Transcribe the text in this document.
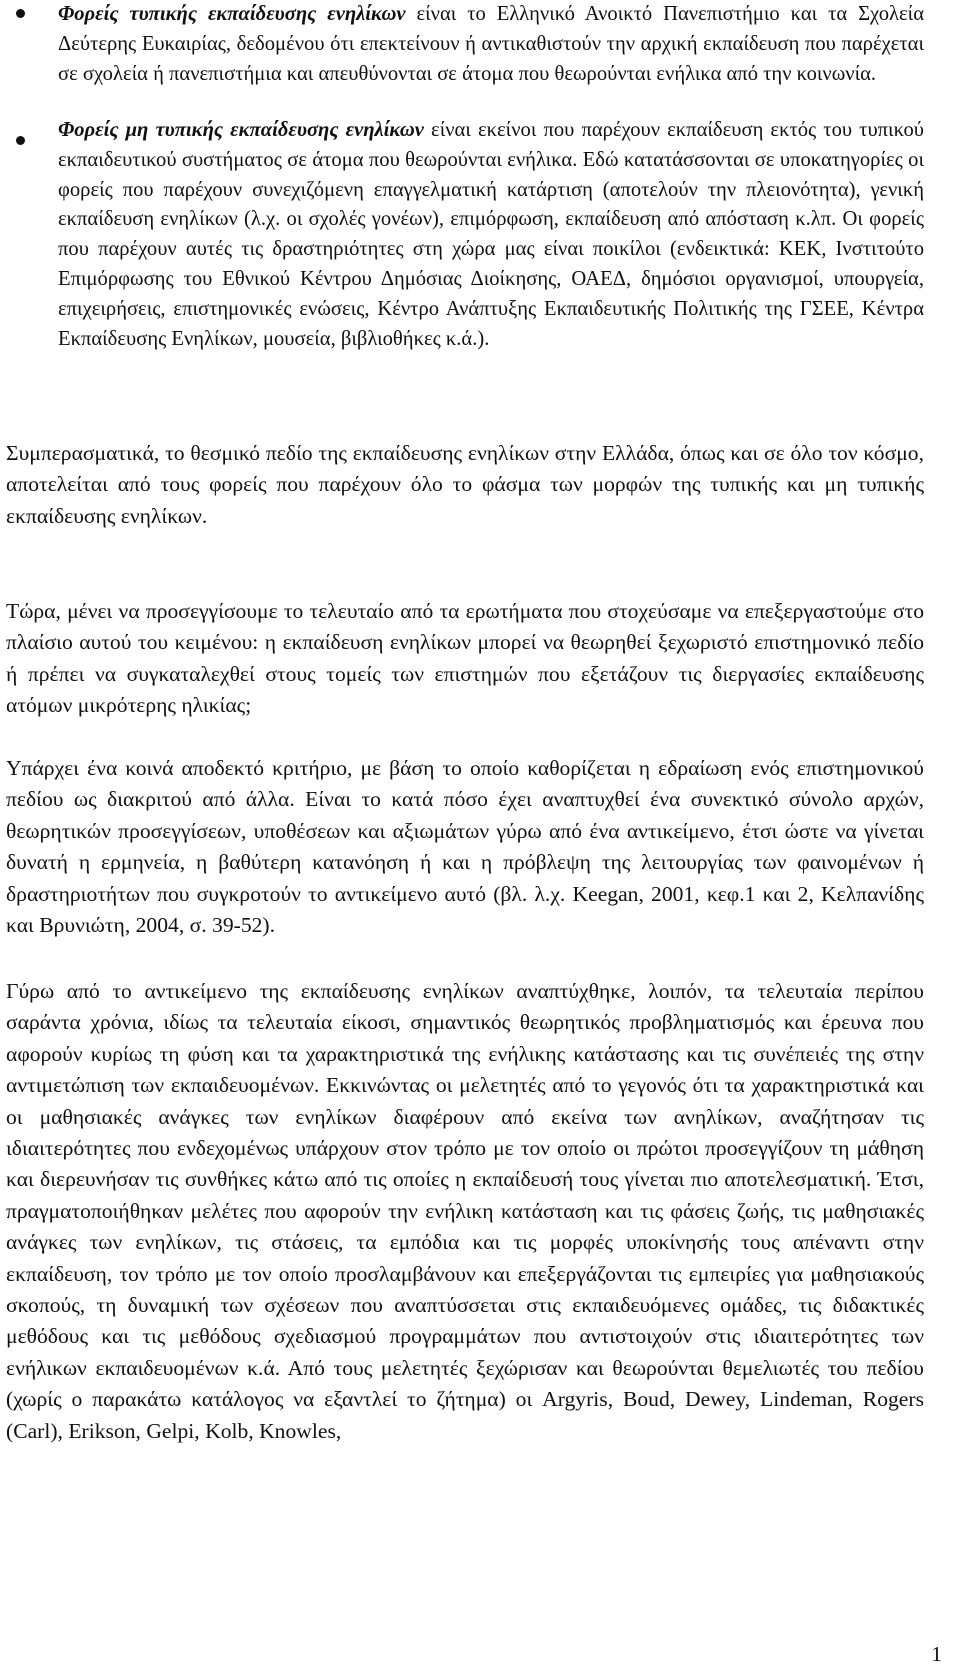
Φορείς τυπικής εκπαίδευσης ενηλίκων είναι το Ελληνικό Ανοικτό Πανεπιστήμιο και τα Σχολεία Δεύτερης Ευκαιρίας, δεδομένου ότι επεκτείνουν ή αντικαθιστούν την αρχική εκπαίδευση που παρέχεται σε σχολεία ή πανεπιστήμια και απευθύνονται σε άτομα που θεωρούνται ενήλικα από την κοινωνία.
Φορείς μη τυπικής εκπαίδευσης ενηλίκων είναι εκείνοι που παρέχουν εκπαίδευση εκτός του τυπικού εκπαιδευτικού συστήματος σε άτομα που θεωρούνται ενήλικα. Εδώ κατατάσσονται σε υποκατηγορίες οι φορείς που παρέχουν συνεχιζόμενη επαγγελματική κατάρτιση (αποτελούν την πλειονότητα), γενική εκπαίδευση ενηλίκων (λ.χ. οι σχολές γονέων), επιμόρφωση, εκπαίδευση από απόσταση κ.λπ. Οι φορείς που παρέχουν αυτές τις δραστηριότητες στη χώρα μας είναι ποικίλοι (ενδεικτικά: ΚΕΚ, Ινστιτούτο Επιμόρφωσης του Εθνικού Κέντρου Δημόσιας Διοίκησης, ΟΑΕΔ, δημόσιοι οργανισμοί, υπουργεία, επιχειρήσεις, επιστημονικές ενώσεις, Κέντρο Ανάπτυξης Εκπαιδευτικής Πολιτικής της ΓΣΕΕ, Κέντρα Εκπαίδευσης Ενηλίκων, μουσεία, βιβλιοθήκες κ.ά.).

Συμπερασματικά, το θεσμικό πεδίο της εκπαίδευσης ενηλίκων στην Ελλάδα, όπως και σε όλο τον κόσμο, αποτελείται από τους φορείς που παρέχουν όλο το φάσμα των μορφών της τυπικής και μη τυπικής εκπαίδευσης ενηλίκων.

Τώρα, μένει να προσεγγίσουμε το τελευταίο από τα ερωτήματα που στοχεύσαμε να επεξεργαστούμε στο πλαίσιο αυτού του κειμένου: η εκπαίδευση ενηλίκων μπορεί να θεωρηθεί ξεχωριστό επιστημονικό πεδίο ή πρέπει να συγκαταλεχθεί στους τομείς των επιστημών που εξετάζουν τις διεργασίες εκπαίδευσης ατόμων μικρότερης ηλικίας;

Υπάρχει ένα κοινά αποδεκτό κριτήριο, με βάση το οποίο καθορίζεται η εδραίωση ενός επιστημονικού πεδίου ως διακριτού από άλλα. Είναι το κατά πόσο έχει αναπτυχθεί ένα συνεκτικό σύνολο αρχών, θεωρητικών προσεγγίσεων, υποθέσεων και αξιωμάτων γύρω από ένα αντικείμενο, έτσι ώστε να γίνεται δυνατή η ερμηνεία, η βαθύτερη κατανόηση ή και η πρόβλεψη της λειτουργίας των φαινομένων ή δραστηριοτήτων που συγκροτούν το αντικείμενο αυτό (βλ. λ.χ. Keegan, 2001, κεφ.1 και 2, Κελπανίδης και Βρυνιώτη, 2004, σ. 39-52).

Γύρω από το αντικείμενο της εκπαίδευσης ενηλίκων αναπτύχθηκε, λοιπόν, τα τελευταία περίπου σαράντα χρόνια, ιδίως τα τελευταία είκοσι, σημαντικός θεωρητικός προβληματισμός και έρευνα που αφορούν κυρίως τη φύση και τα χαρακτηριστικά της ενήλικης κατάστασης και τις συνέπειές της στην αντιμετώπιση των εκπαιδευομένων. Εκκινώντας οι μελετητές από το γεγονός ότι τα χαρακτηριστικά και οι μαθησιακές ανάγκες των ενηλίκων διαφέρουν από εκείνα των ανηλίκων, αναζήτησαν τις ιδιαιτερότητες που ενδεχομένως υπάρχουν στον τρόπο με τον οποίο οι πρώτοι προσεγγίζουν τη μάθηση και διερευνήσαν τις συνθήκες κάτω από τις οποίες η εκπαίδευσή τους γίνεται πιο αποτελεσματική. Έτσι, πραγματοποιήθηκαν μελέτες που αφορούν την ενήλικη κατάσταση και τις φάσεις ζωής, τις μαθησιακές ανάγκες των ενηλίκων, τις στάσεις, τα εμπόδια και τις μορφές υποκίνησής τους απέναντι στην εκπαίδευση, τον τρόπο με τον οποίο προσλαμβάνουν και επεξεργάζονται τις εμπειρίες για μαθησιακούς σκοπούς, τη δυναμική των σχέσεων που αναπτύσσεται στις εκπαιδευόμενες ομάδες, τις διδακτικές μεθόδους και τις μεθόδους σχεδιασμού προγραμμάτων που αντιστοιχούν στις ιδιαιτερότητες των ενήλικων εκπαιδευομένων κ.ά. Από τους μελετητές ξεχώρισαν και θεωρούνται θεμελιωτές του πεδίου (χωρίς ο παρακάτω κατάλογος να εξαντλεί το ζήτημα) οι Argyris, Boud, Dewey, Lindeman, Rogers (Carl), Erikson, Gelpi, Kolb, Knowles,

1
